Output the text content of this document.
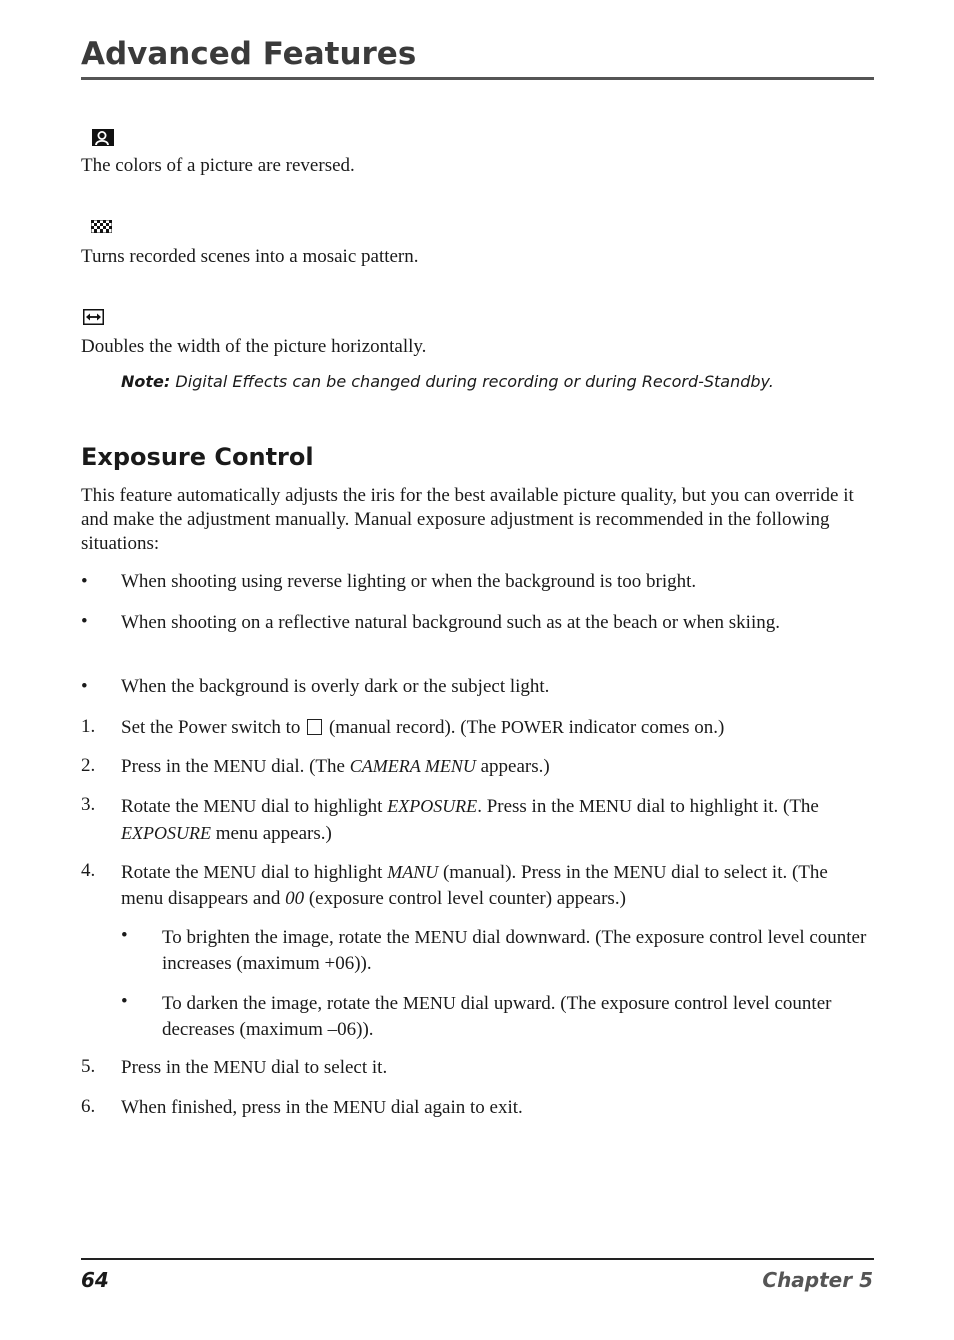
Advanced Features
The colors of a picture are reversed.
Turns recorded scenes into a mosaic pattern.
Doubles the width of the picture horizontally.
Note: Digital Effects can be changed during recording or during Record-Standby.
Exposure Control
This feature automatically adjusts the iris for the best available picture quality, but you can override it and make the adjustment manually. Manual exposure adjustment is recommended in the following situations:
• When shooting using reverse lighting or when the background is too bright.
• When shooting on a reflective natural background such as at the beach or when skiing.
• When the background is overly dark or the subject light.
1. Set the Power switch to (manual record). (The POWER indicator comes on.)
2. Press in the MENU dial. (The CAMERA MENU appears.)
3. Rotate the MENU dial to highlight EXPOSURE. Press in the MENU dial to highlight it. (The EXPOSURE menu appears.)
4. Rotate the MENU dial to highlight MANU (manual). Press in the MENU dial to select it. (The menu disappears and 00 (exposure control level counter) appears.)
• To brighten the image, rotate the MENU dial downward. (The exposure control level counter increases (maximum +06)).
• To darken the image, rotate the MENU dial upward. (The exposure control level counter decreases (maximum –06)).
5. Press in the MENU dial to select it.
6. When finished, press in the MENU dial again to exit.
64	Chapter 5
